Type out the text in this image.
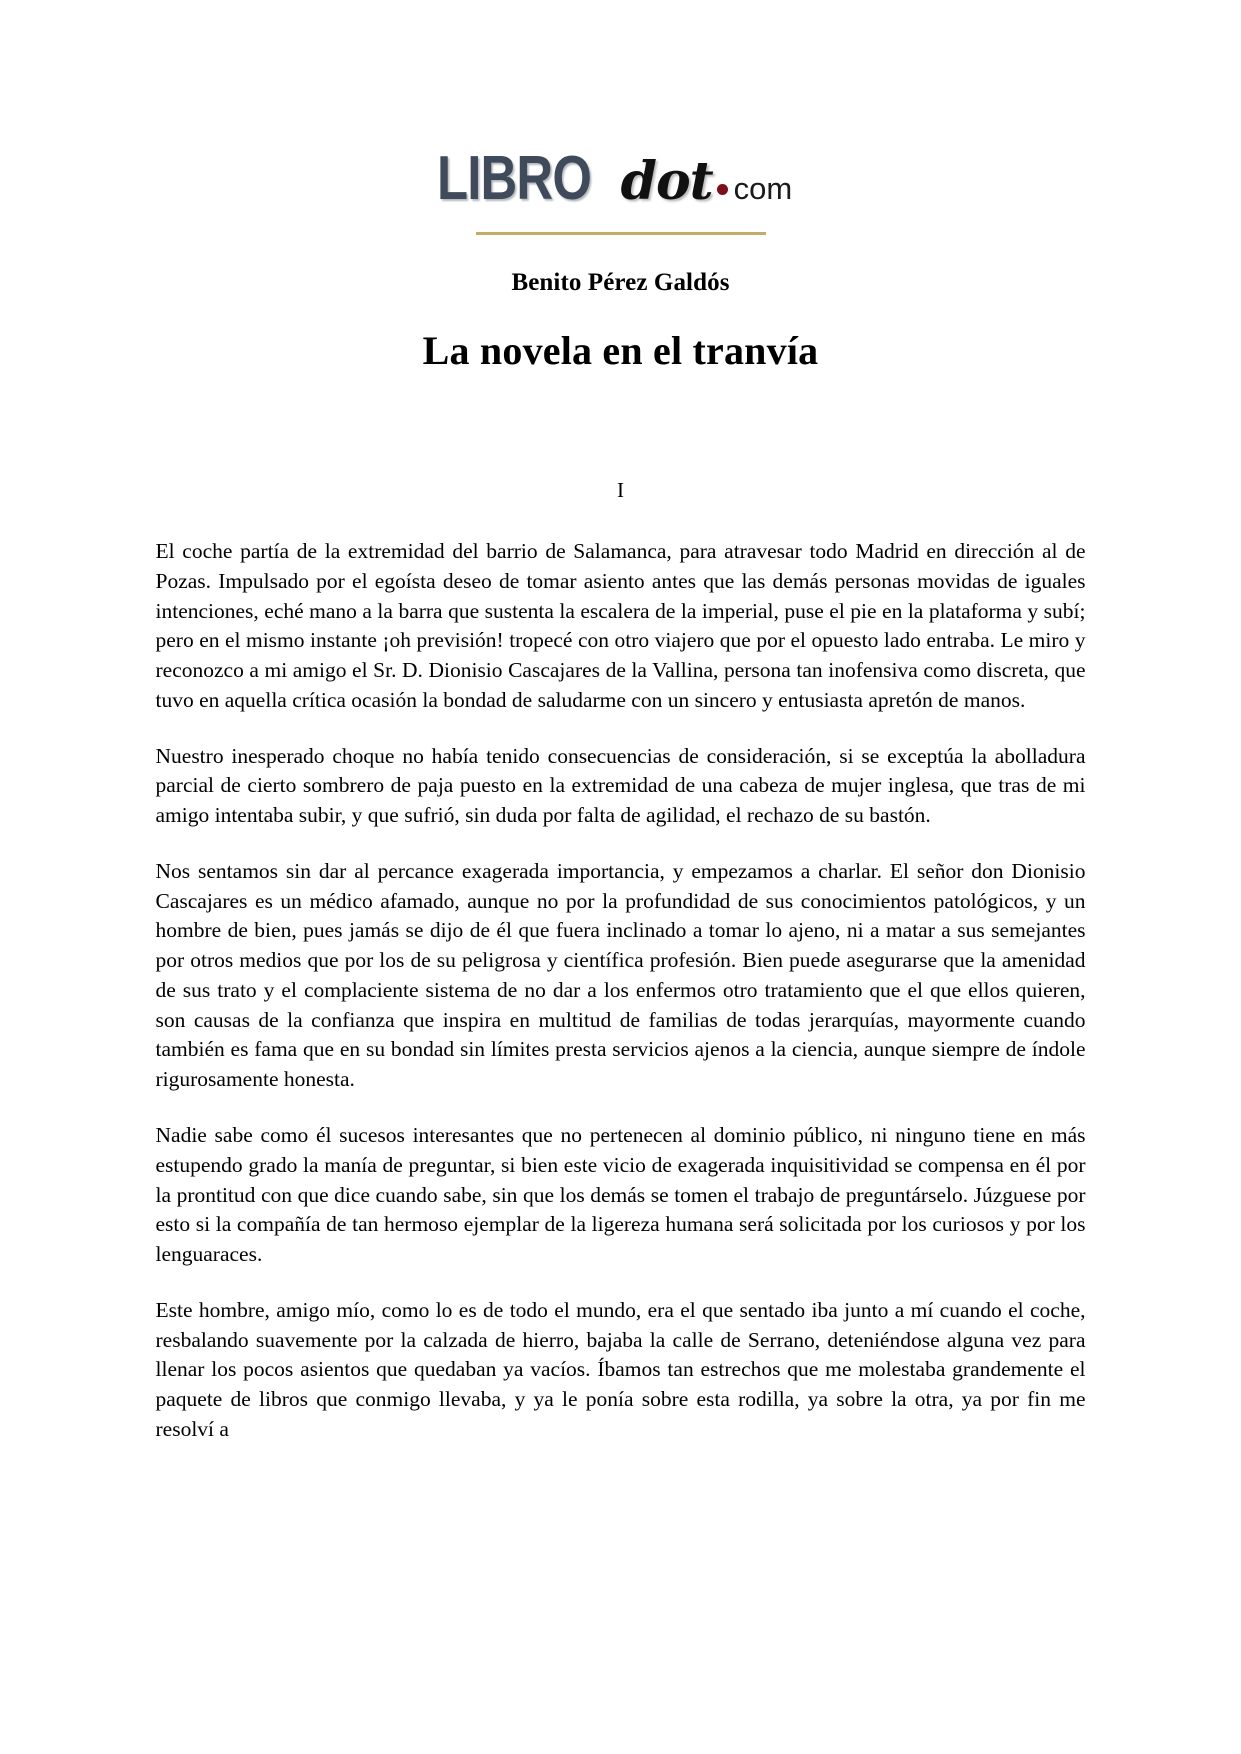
LIBRO dot com
Benito Pérez Galdós
La novela en el tranvía
I

El coche partía de la extremidad del barrio de Salamanca, para atravesar todo Madrid en dirección al de Pozas. Impulsado por el egoísta deseo de tomar asiento antes que las demás personas movidas de iguales intenciones, eché mano a la barra que sustenta la escalera de la imperial, puse el pie en la plataforma y subí; pero en el mismo instante ¡oh previsión! tropecé con otro viajero que por el opuesto lado entraba. Le miro y reconozco a mi amigo el Sr. D. Dionisio Cascajares de la Vallina, persona tan inofensiva como discreta, que tuvo en aquella crítica ocasión la bondad de saludarme con un sincero y entusiasta apretón de manos.

Nuestro inesperado choque no había tenido consecuencias de consideración, si se exceptúa la abolladura parcial de cierto sombrero de paja puesto en la extremidad de una cabeza de mujer inglesa, que tras de mi amigo intentaba subir, y que sufrió, sin duda por falta de agilidad, el rechazo de su bastón.

Nos sentamos sin dar al percance exagerada importancia, y empezamos a charlar. El señor don Dionisio Cascajares es un médico afamado, aunque no por la profundidad de sus conocimientos patológicos, y un hombre de bien, pues jamás se dijo de él que fuera inclinado a tomar lo ajeno, ni a matar a sus semejantes por otros medios que por los de su peligrosa y científica profesión. Bien puede asegurarse que la amenidad de sus trato y el complaciente sistema de no dar a los enfermos otro tratamiento que el que ellos quieren, son causas de la confianza que inspira en multitud de familias de todas jerarquías, mayormente cuando también es fama que en su bondad sin límites presta servicios ajenos a la ciencia, aunque siempre de índole rigurosamente honesta.

Nadie sabe como él sucesos interesantes que no pertenecen al dominio público, ni ninguno tiene en más estupendo grado la manía de preguntar, si bien este vicio de exagerada inquisitividad se compensa en él por la prontitud con que dice cuando sabe, sin que los demás se tomen el trabajo de preguntárselo. Júzguese por esto si la compañía de tan hermoso ejemplar de la ligereza humana será solicitada por los curiosos y por los lenguaraces.

Este hombre, amigo mío, como lo es de todo el mundo, era el que sentado iba junto a mí cuando el coche, resbalando suavemente por la calzada de hierro, bajaba la calle de Serrano, deteniéndose alguna vez para llenar los pocos asientos que quedaban ya vacíos. Íbamos tan estrechos que me molestaba grandemente el paquete de libros que conmigo llevaba, y ya le ponía sobre esta rodilla, ya sobre la otra, ya por fin me resolví a
